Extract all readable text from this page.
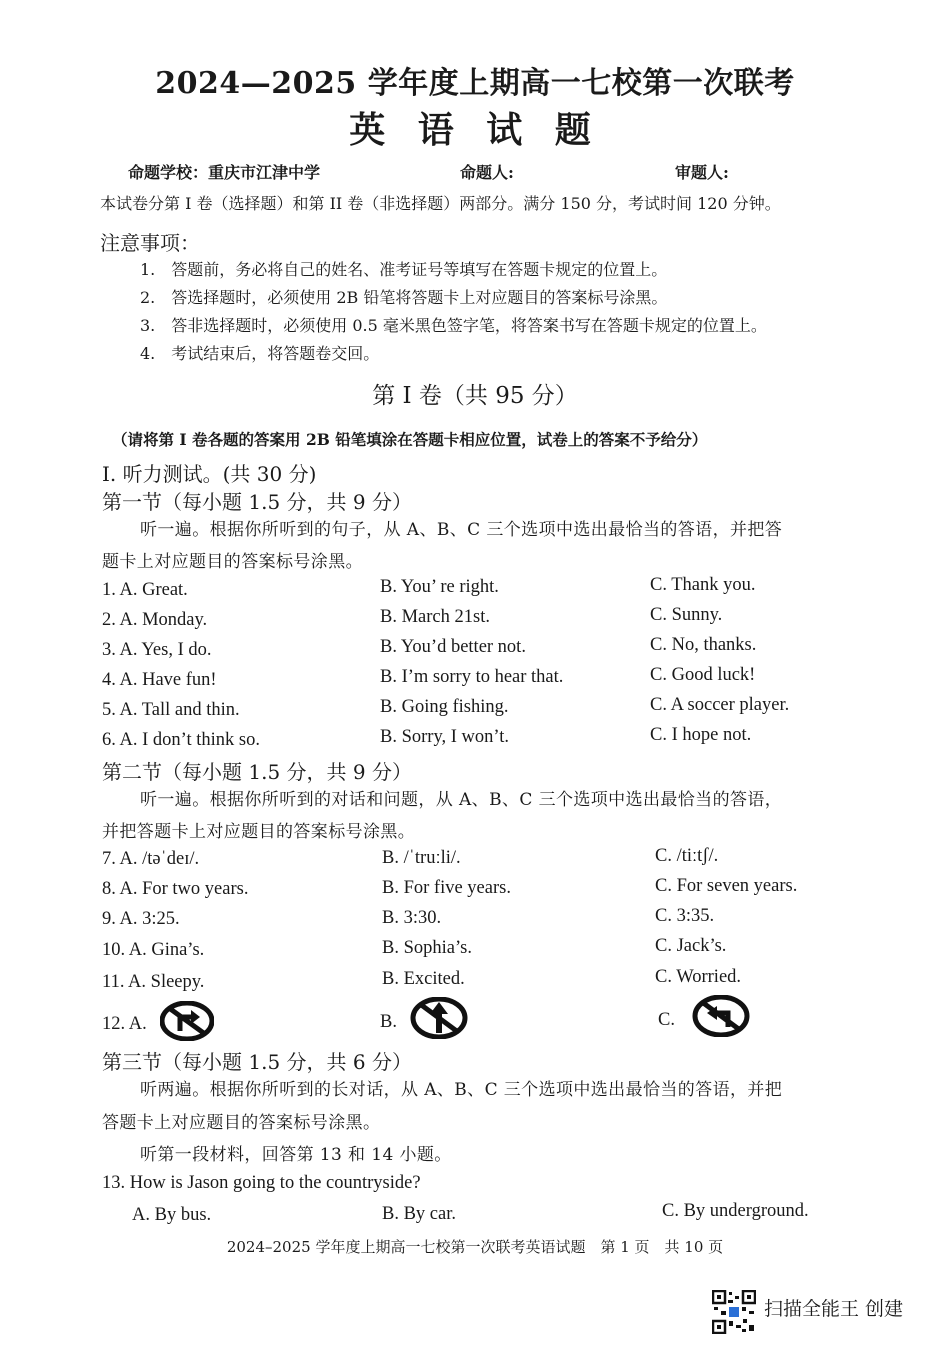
2024—2025 学年度上期高一七校第一次联考
英 语 试 题
命题学校：重庆市江津中学	命题人:	审题人:
本试卷分第 I 卷（选择题）和第 II 卷（非选择题）两部分。满分 150 分，考试时间 120 分钟。
注意事项：
1.　答题前，务必将自己的姓名、准考证号等填写在答题卡规定的位置上。
2.　答选择题时，必须使用 2B 铅笔将答题卡上对应题目的答案标号涂黑。
3.　答非选择题时，必须使用 0.5 毫米黑色签字笔，将答案书写在答题卡规定的位置上。
4.　考试结束后，将答题卷交回。
第 I 卷（共 95 分）
（请将第 I 卷各题的答案用 2B 铅笔填涂在答题卡相应位置，试卷上的答案不予给分）
I. 听力测试。(共 30 分)
第一节（每小题 1.5 分，共 9 分）
听一遍。根据你所听到的句子，从 A、B、C 三个选项中选出最恰当的答语，并把答
题卡上对应题目的答案标号涂黑。
1. A. Great.	B. You’ re right.	C. Thank you.
2. A. Monday.	B. March 21st.	C. Sunny.
3. A. Yes, I do.	B. You’d better not.	C. No, thanks.
4. A. Have fun!	B. I’m sorry to hear that.	C. Good luck!
5. A. Tall and thin.	B. Going fishing.	C. A soccer player.
6. A. I don’t think so.	B. Sorry, I won’t.	C. I hope not.
第二节（每小题 1.5 分，共 9 分）
听一遍。根据你所听到的对话和问题，从 A、B、C 三个选项中选出最恰当的答语，
并把答题卡上对应题目的答案标号涂黑。
7. A. /təˈdeɪ/.	B. /ˈtruːli/.	C. /tiːtʃ/.
8. A. For two years.	B. For five years.	C. For seven years.
9. A. 3:25.	B. 3:30.	C. 3:35.
10. A. Gina’s.	B. Sophia’s.	C. Jack’s.
11. A. Sleepy.	B. Excited.	C. Worried.
12. A.	B.	C.
第三节（每小题 1.5 分，共 6 分）
听两遍。根据你所听到的长对话，从 A、B、C 三个选项中选出最恰当的答语，并把
答题卡上对应题目的答案标号涂黑。
听第一段材料，回答第 13 和 14 小题。
13. How is Jason going to the countryside?
A. By bus.	B. By car.	C. By underground.
2024–2025 学年度上期高一七校第一次联考英语试题　第 1 页　共 10 页
扫描全能王 创建
